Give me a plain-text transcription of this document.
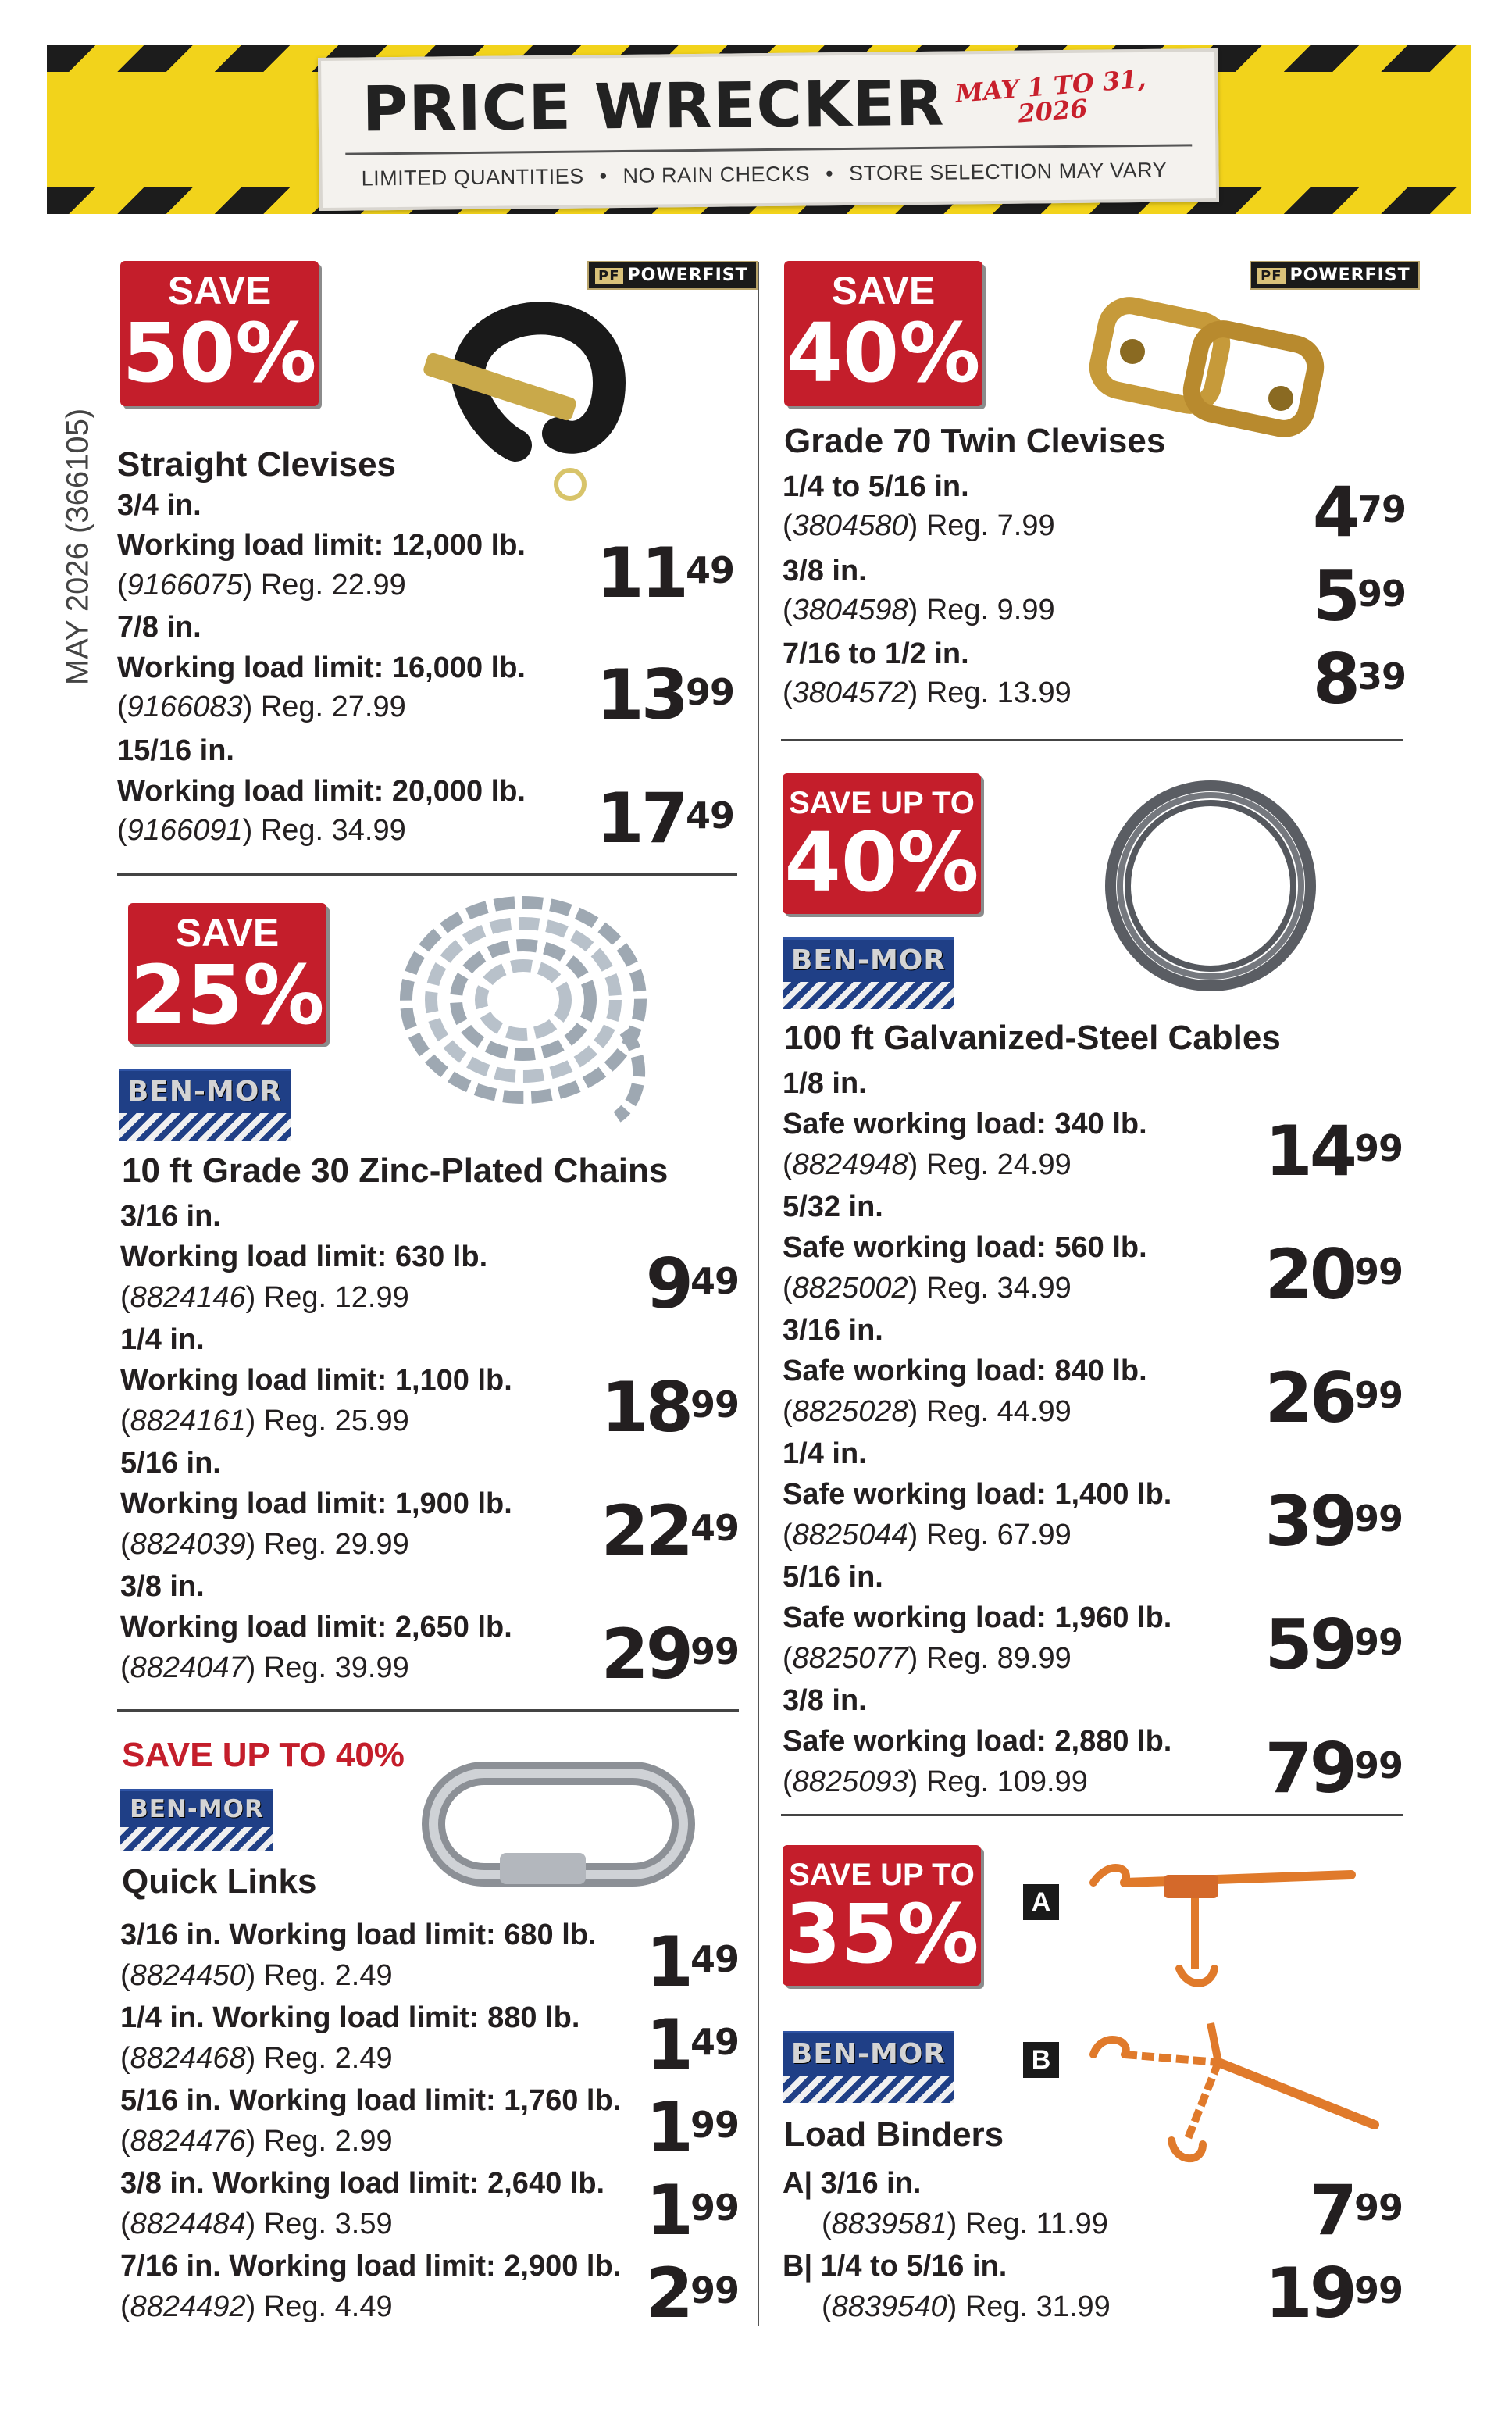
PRICE WRECKER MAY 1 TO 31, 2026
LIMITED QUANTITIES • NO RAIN CHECKS • STORE SELECTION MAY VARY
MAY 2026 (366105)
SAVE
50%
PF POWERFIST
Straight Clevises
3/4 in.
Working load limit: 12,000 lb.
(9166075) Reg. 22.99	$11^{49}$
7/8 in.
Working load limit: 16,000 lb.
(9166083) Reg. 27.99	$13^{99}$
15/16 in.
Working load limit: 20,000 lb.
(9166091) Reg. 34.99	$17^{49}$
SAVE
40%
PF POWERFIST
Grade 70 Twin Clevises
1/4 to 5/16 in.
(3804580) Reg. 7.99	$4^{79}$
3/8 in.
(3804598) Reg. 9.99	$5^{99}$
7/16 to 1/2 in.
(3804572) Reg. 13.99	$8^{39}$
SAVE
25%
BEN-MOR
10 ft Grade 30 Zinc-Plated Chains
3/16 in.
Working load limit: 630 lb.
(8824146) Reg. 12.99	$9^{49}$
1/4 in.
Working load limit: 1,100 lb.
(8824161) Reg. 25.99	$18^{99}$
5/16 in.
Working load limit: 1,900 lb.
(8824039) Reg. 29.99	$22^{49}$
3/8 in.
Working load limit: 2,650 lb.
(8824047) Reg. 39.99	$29^{99}$
SAVE UP TO
40%
BEN-MOR
100 ft Galvanized-Steel Cables
1/8 in.
Safe working load: 340 lb.
(8824948) Reg. 24.99	$14^{99}$
5/32 in.
Safe working load: 560 lb.
(8825002) Reg. 34.99	$20^{99}$
3/16 in.
Safe working load: 840 lb.
(8825028) Reg. 44.99	$26^{99}$
1/4 in.
Safe working load: 1,400 lb.
(8825044) Reg. 67.99	$39^{99}$
5/16 in.
Safe working load: 1,960 lb.
(8825077) Reg. 89.99	$59^{99}$
3/8 in.
Safe working load: 2,880 lb.
(8825093) Reg. 109.99	$79^{99}$
SAVE UP TO 40%
BEN-MOR
Quick Links
3/16 in. Working load limit: 680 lb.
(8824450) Reg. 2.49	$1^{49}$
1/4 in. Working load limit: 880 lb.
(8824468) Reg. 2.49	$1^{49}$
5/16 in. Working load limit: 1,760 lb.
(8824476) Reg. 2.99	$1^{99}$
3/8 in. Working load limit: 2,640 lb.
(8824484) Reg. 3.59	$1^{99}$
7/16 in. Working load limit: 2,900 lb.
(8824492) Reg. 4.49	$2^{99}$
SAVE UP TO
35%	A
B
BEN-MOR
Load Binders
A| 3/16 in.
(8839581) Reg. 11.99	$7^{99}$
B| 1/4 to 5/16 in.
(8839540) Reg. 31.99	$19^{99}$
